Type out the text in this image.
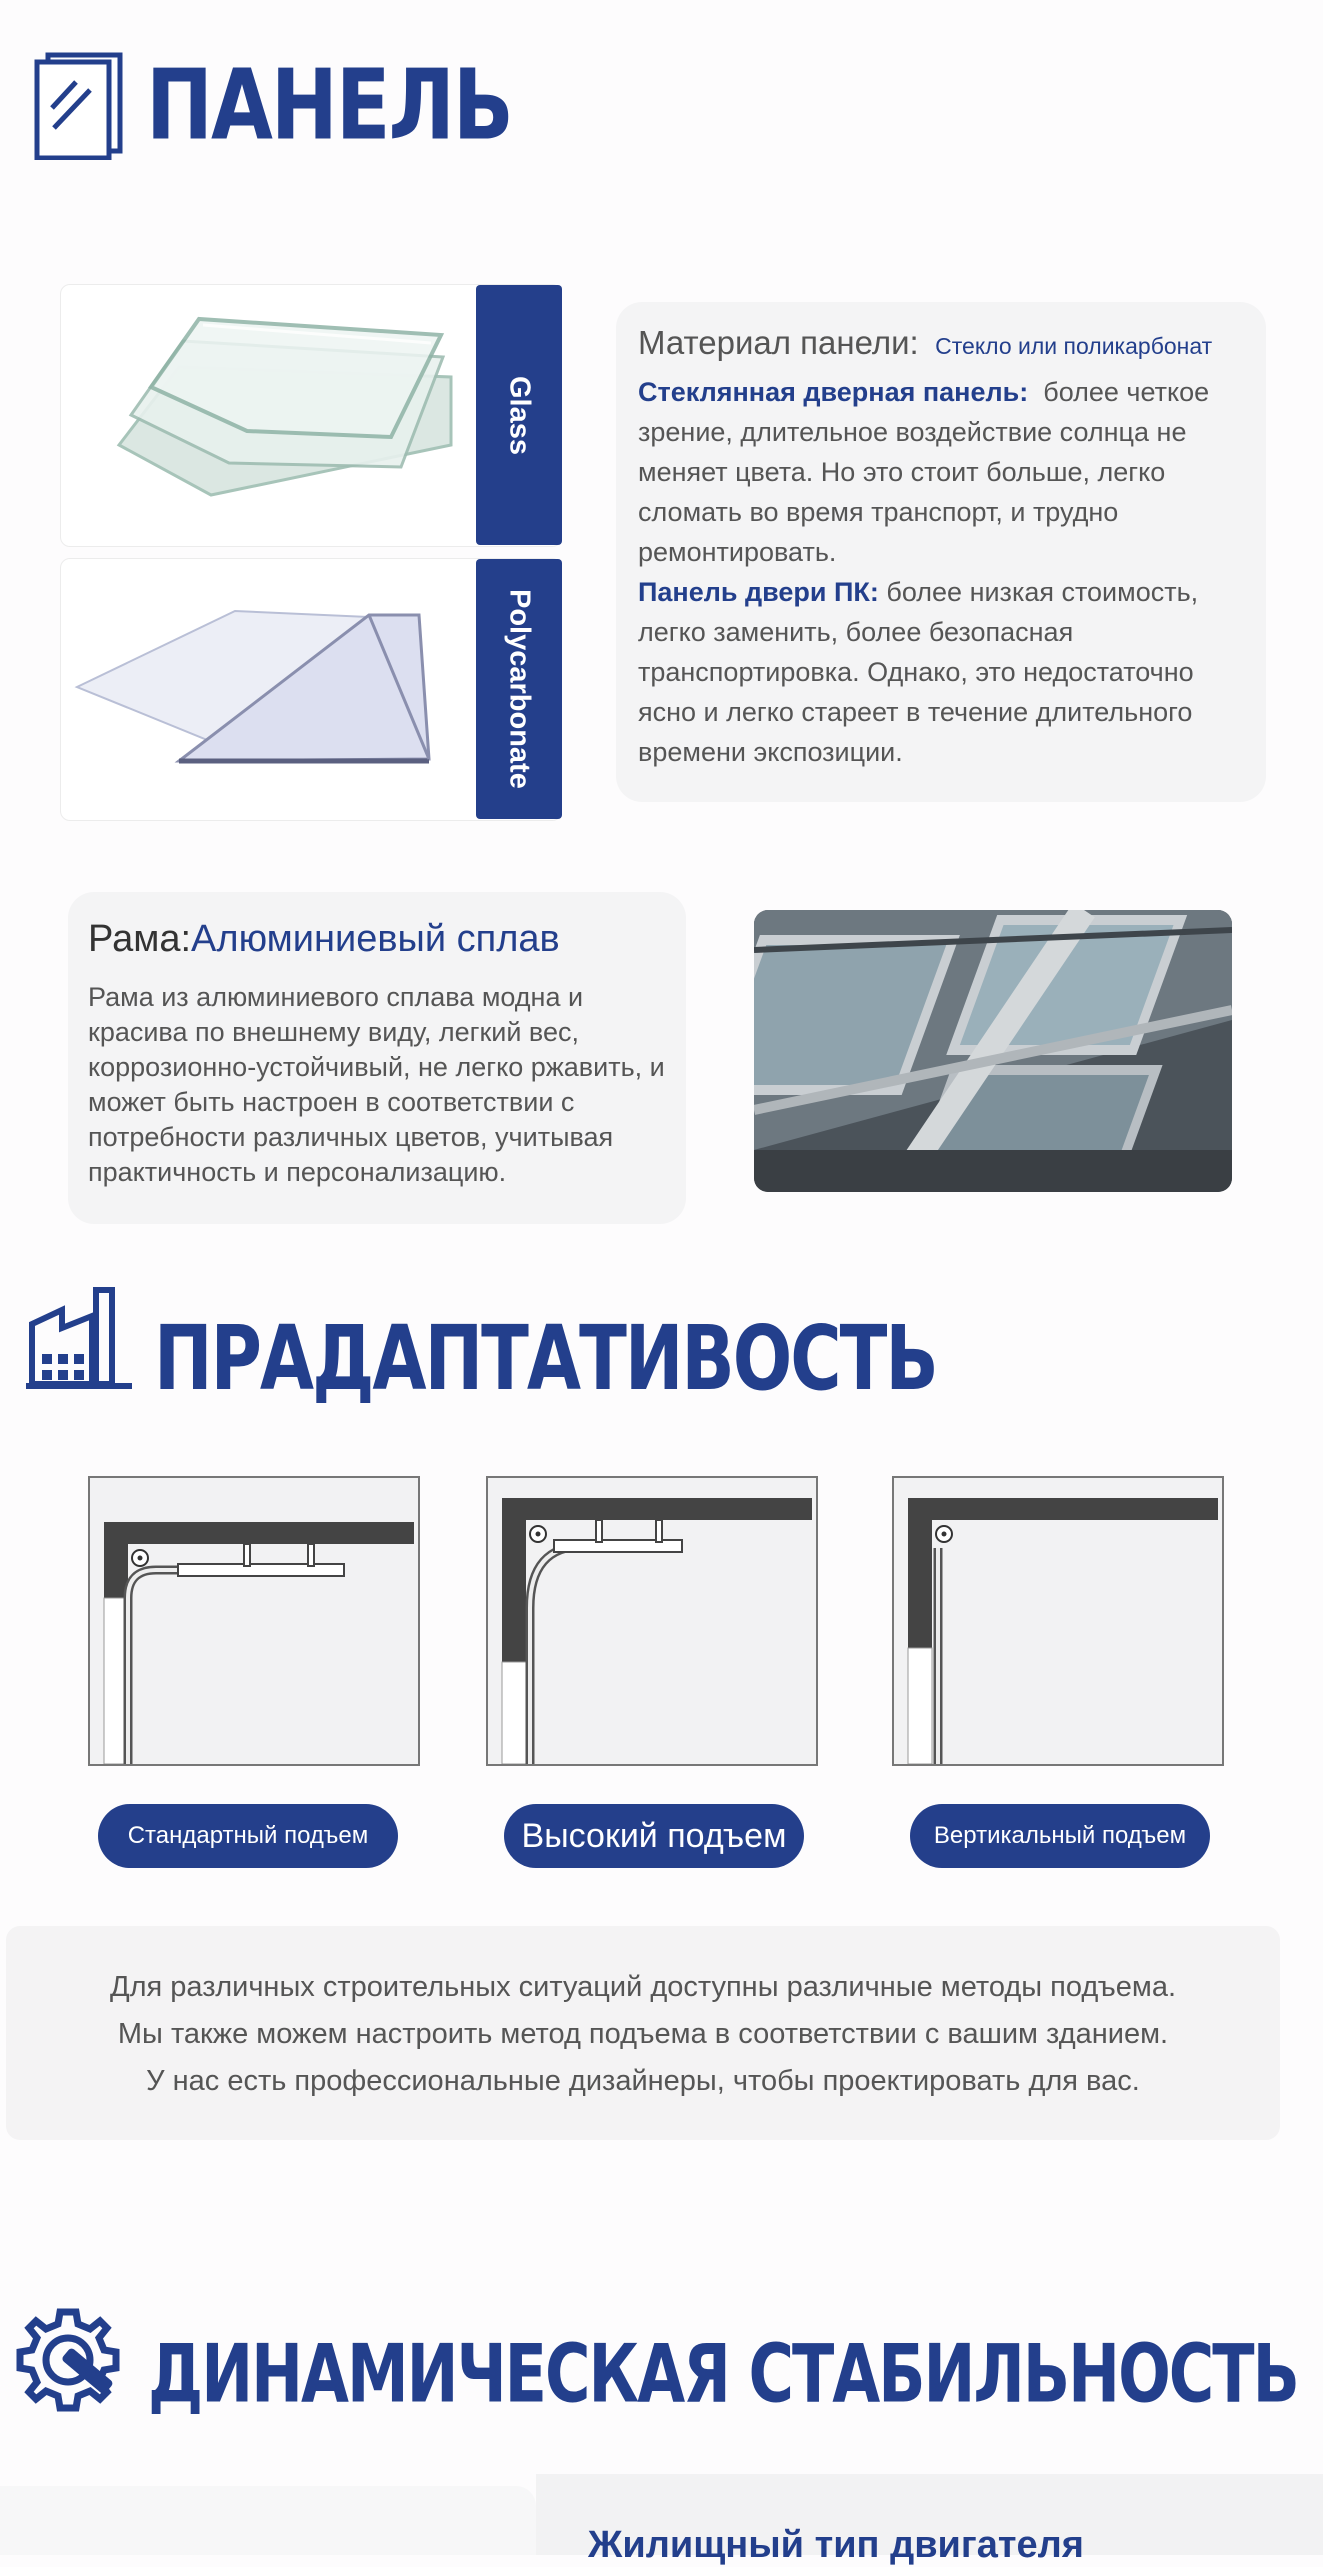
ПАНЕЛЬ
Glass
Polycarbonate
Материал панели: Стекло или поликарбонат
Стеклянная дверная панель: более четкое зрение, длительное воздействие солнца не меняет цвета. Но это стоит больше, легко сломать во время транспорт, и трудно ремонтировать.
Панель двери ПК: более низкая стоимость, легко заменить, более безопасная транспортировка. Однако, это недостаточно ясно и легко стареет в течение длительного времени экспозиции.
Рама:Алюминиевый сплав
Рама из алюминиевого сплава модна и красива по внешнему виду, легкий вес, коррозионно-устойчивый, не легко ржавить, и может быть настроен в соответствии с потребности различных цветов, учитывая практичность и персонализацию.
ПРАДАПТАТИВОСТЬ
Стандартный подъем	Высокий подъем	Вертикальный подъем
Для различных строительных ситуаций доступны различные методы подъема.
Мы также можем настроить метод подъема в соответствии с вашим зданием.
У нас есть профессиональные дизайнеры, чтобы проектировать для вас.
ДИНАМИЧЕСКАЯ СТАБИЛЬНОСТЬ
Жилищный тип двигателя
